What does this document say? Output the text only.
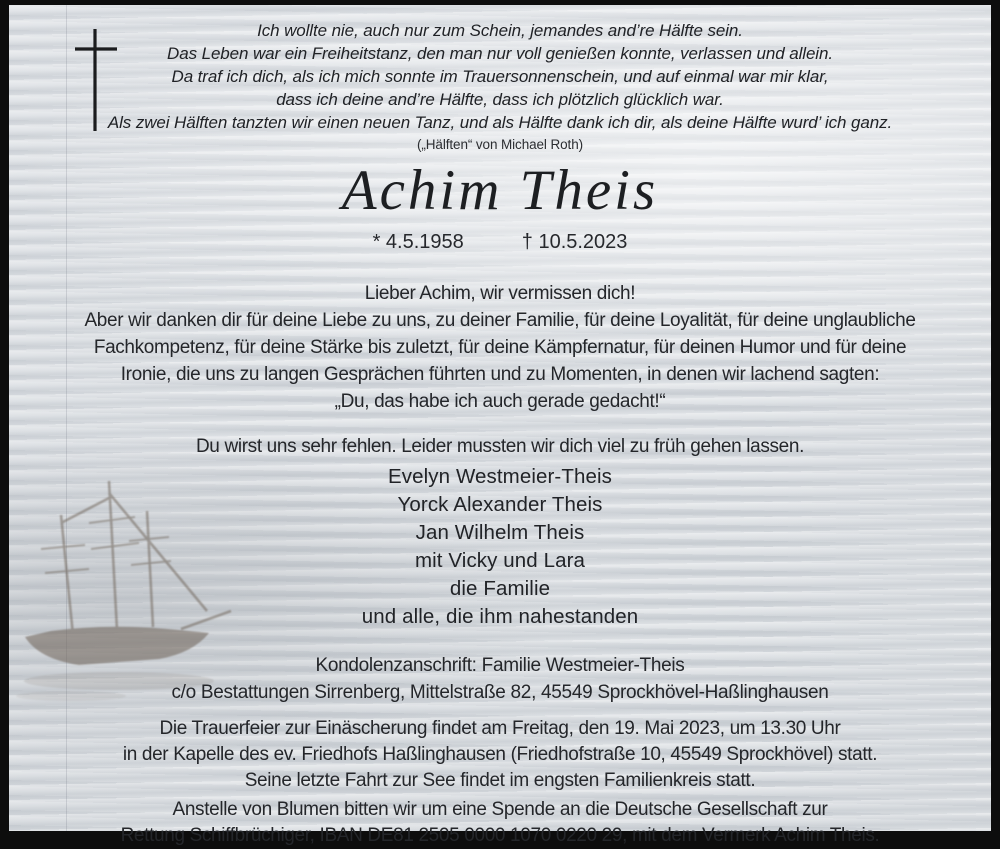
Ich wollte nie, auch nur zum Schein, jemandes and’re Hälfte sein.
Das Leben war ein Freiheitstanz, den man nur voll genießen konnte, verlassen und allein.
Da traf ich dich, als ich mich sonnte im Trauersonnenschein, und auf einmal war mir klar,
dass ich deine and’re Hälfte, dass ich plötzlich glücklich war.
Als zwei Hälften tanzten wir einen neuen Tanz, und als Hälfte dank ich dir, als deine Hälfte wurd’ ich ganz.
(„Hälften“ von Michael Roth)
Achim Theis
* 4.5.1958	† 10.5.2023
Lieber Achim, wir vermissen dich!
Aber wir danken dir für deine Liebe zu uns, zu deiner Familie, für deine Loyalität, für deine unglaubliche
Fachkompetenz, für deine Stärke bis zuletzt, für deine Kämpfernatur, für deinen Humor und für deine
Ironie, die uns zu langen Gesprächen führten und zu Momenten, in denen wir lachend sagten:
„Du, das habe ich auch gerade gedacht!“
Du wirst uns sehr fehlen. Leider mussten wir dich viel zu früh gehen lassen.
Evelyn Westmeier-Theis
Yorck Alexander Theis
Jan Wilhelm Theis
mit Vicky und Lara
die Familie
und alle, die ihm nahestanden
Kondolenzanschrift: Familie Westmeier-Theis
c/o Bestattungen Sirrenberg, Mittelstraße 82, 45549 Sprockhövel-Haßlinghausen
Die Trauerfeier zur Einäscherung findet am Freitag, den 19. Mai 2023, um 13.30 Uhr
in der Kapelle des ev. Friedhofs Haßlinghausen (Friedhofstraße 10, 45549 Sprockhövel) statt.
Seine letzte Fahrt zur See findet im engsten Familienkreis statt.
Anstelle von Blumen bitten wir um eine Spende an die Deutsche Gesellschaft zur
Rettung Schiffbrüchiger, IBAN DE81 2505 0000 1070 0220 29, mit dem Vermerk Achim Theis.
